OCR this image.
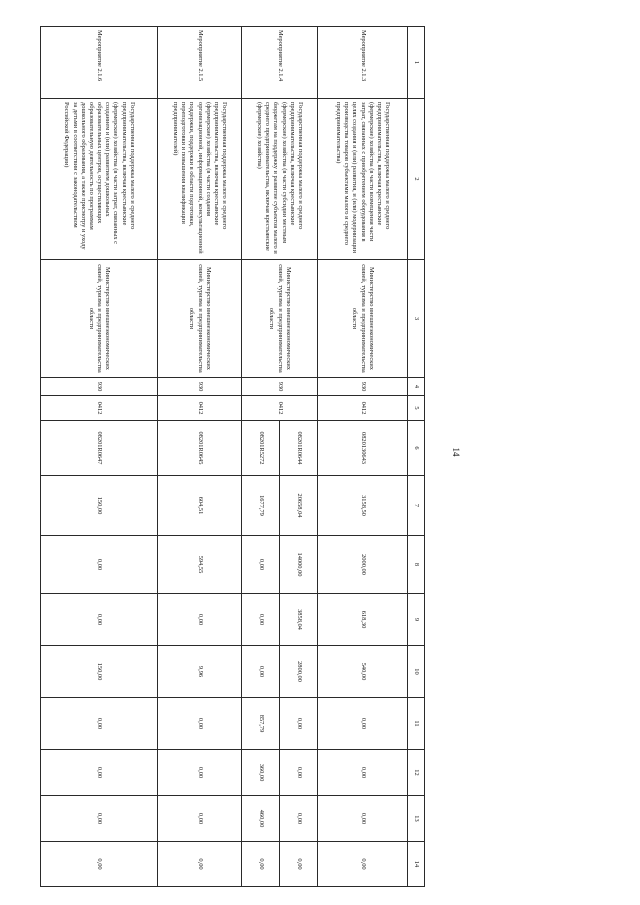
14
1	2	3	4	5	6	7	8	9	10	11	12	13	14
Мероприятие 2.1.3	Государственная поддержка малого и среднего предпринимательства, включая крестьянские (фермерские) хозяйства (в части возмещения части затрат, связанных с приобретением оборудования в целях создания и (или) развития, и (или) модернизации производства товаров субъектами малого и среднего предпринимательства)	Министерство внешнеэкономических связей, туризма и предпринимательства области	930	0412	0820130643	3158,50	2000,00	618,30	540,00	0,00	0,00	0,00	0,00
Мероприятие 2.1.4	Государственная поддержка малого и среднего предпринимательства, включая крестьянские (фермерские) хозяйства (в части субсидии местным бюджетам на поддержку и развитие субъектов малого и среднего предпринимательства, включая крестьянские (фермерские) хозяйства)	Министерство внешнеэкономических связей, туризма и предпринимательства области	930	0412	08201R0644	20658,04	14000,00	3858,04	2800,00	0,00	0,00	0,00	0,00
					08201R5272	1677,79	0,00	0,00	0,00	857,79	360,00	460,00	0,00
Мероприятие 2.1.5	Государственная поддержка малого и среднего предпринимательства, включая крестьянские (фермерские) хозяйства (в части создания организационной, информационной, консультационной поддержки, поддержки в области подготовки, переподготовки и повышения квалификации предпринимателей)	Министерство внешнеэкономических связей, туризма и предпринимательства области	930	0412	08201R0645	604,51	594,55	0,00	9,96	0,00	0,00	0,00	0,00
Мероприятие 2.1.6	Государственная поддержка малого и среднего предпринимательства, включая крестьянские (фермерские) хозяйства (в части затрат, связанных с созданием и (или) развитием дошкольных образовательных центров, осуществляющих образовательную деятельность по программам дошкольного образования, а также присмотру и уходу за детьми в соответствии с законодательством Российской Федерации)	Министерство внешнеэкономических связей, туризма и предпринимательства области	930	0412	08201R0647	150,00	0,00	0,00	150,00	0,00	0,00	0,00	0,00
